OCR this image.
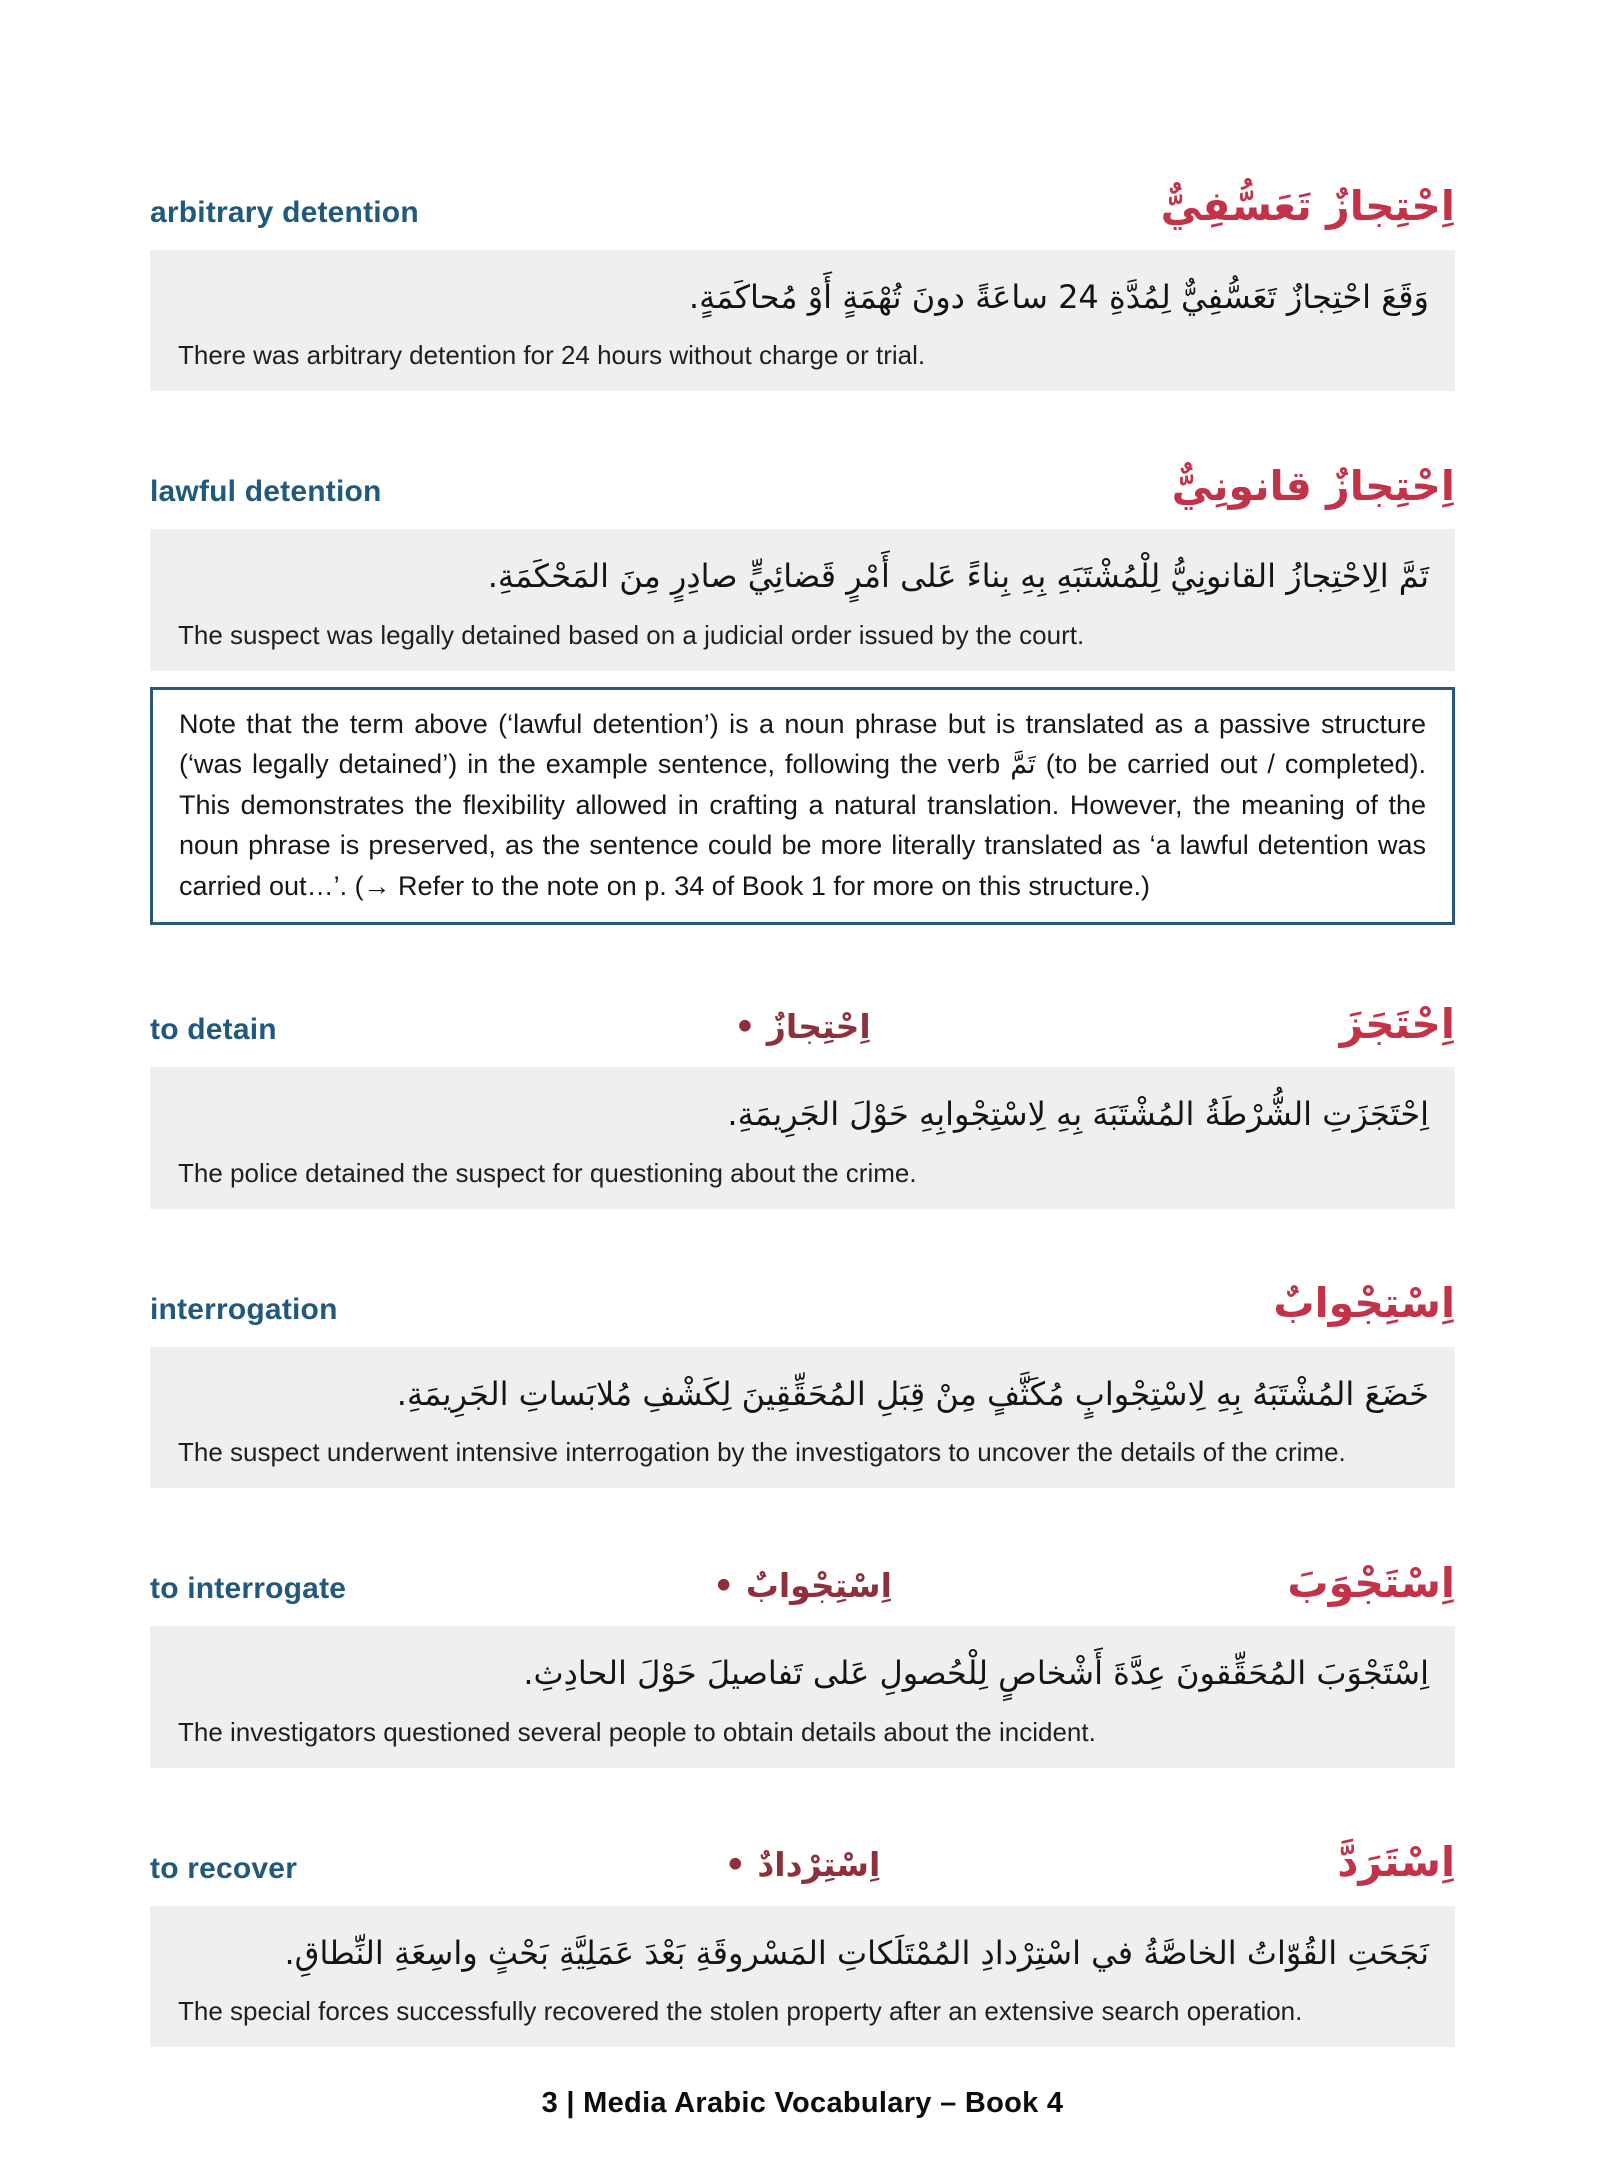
arbitrary detention	اِحْتِجازٌ تَعَسُّفِيٌّ
وَقَعَ احْتِجازٌ تَعَسُّفِيٌّ لِمُدَّةِ 24 ساعَةً دونَ تُهْمَةٍ أَوْ مُحاكَمَةٍ.
There was arbitrary detention for 24 hours without charge or trial.
lawful detention	اِحْتِجازٌ قانونِيٌّ
تَمَّ الِاحْتِجازُ القانونِيُّ لِلْمُشْتَبَهِ بِهِ بِناءً عَلى أَمْرٍ قَضائِيٍّ صادِرٍ مِنَ المَحْكَمَةِ.
The suspect was legally detained based on a judicial order issued by the court.
Note that the term above (‘lawful detention’) is a noun phrase but is translated as a passive structure (‘was legally detained’) in the example sentence, following the verb تَمَّ (to be carried out / completed). This demonstrates the flexibility allowed in crafting a natural translation. However, the meaning of the noun phrase is preserved, as the sentence could be more literally translated as ‘a lawful detention was carried out…’. (→ Refer to the note on p. 34 of Book 1 for more on this structure.)
to detain	• اِحْتِجازٌ	اِحْتَجَزَ
اِحْتَجَزَتِ الشُّرْطَةُ المُشْتَبَهَ بِهِ لِاسْتِجْوابِهِ حَوْلَ الجَرِيمَةِ.
The police detained the suspect for questioning about the crime.
interrogation	اِسْتِجْوابٌ
خَضَعَ المُشْتَبَهُ بِهِ لِاسْتِجْوابٍ مُكَثَّفٍ مِنْ قِبَلِ المُحَقِّقِينَ لِكَشْفِ مُلابَساتِ الجَرِيمَةِ.
The suspect underwent intensive interrogation by the investigators to uncover the details of the crime.
to interrogate	• اِسْتِجْوابٌ	اِسْتَجْوَبَ
اِسْتَجْوَبَ المُحَقِّقونَ عِدَّةَ أَشْخاصٍ لِلْحُصولِ عَلى تَفاصيلَ حَوْلَ الحادِثِ.
The investigators questioned several people to obtain details about the incident.
to recover	• اِسْتِرْدادٌ	اِسْتَرَدَّ
نَجَحَتِ القُوّاتُ الخاصَّةُ في اسْتِرْدادِ المُمْتَلَكاتِ المَسْروقَةِ بَعْدَ عَمَلِيَّةِ بَحْثٍ واسِعَةِ النِّطاقِ.
The special forces successfully recovered the stolen property after an extensive search operation.
3 | Media Arabic Vocabulary – Book 4
